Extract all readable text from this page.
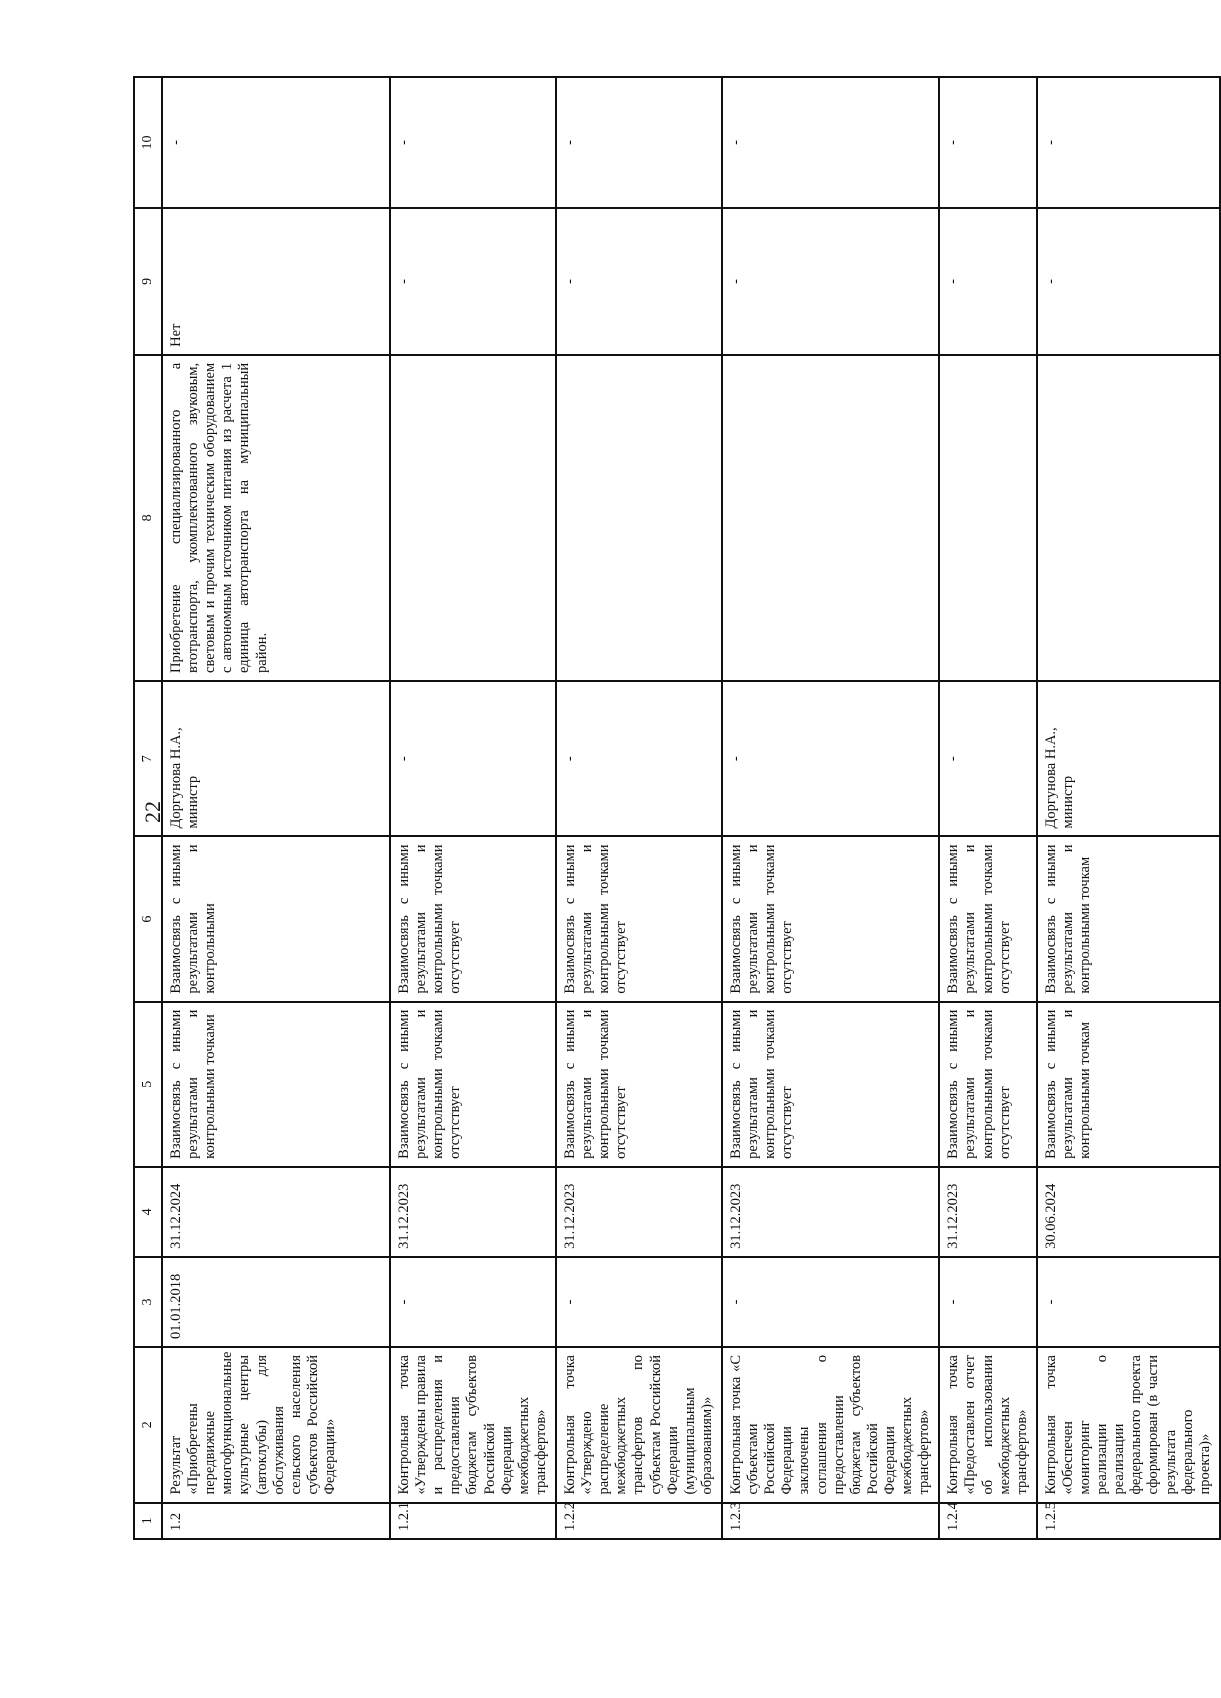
22
1	2	3	4	5	6	7	8	9	10
1.2	Результат «Приобретены передвижные многофункциональные культурные центры (автоклубы) для обслуживания сельского населения субъектов Российской Федерации»	01.01.2018	31.12.2024	Взаимосвязь с иными результатами и контрольными точками	Взаимосвязь с иными результатами и контрольными	Доргунова Н.А., министр	Приобретение специализированного а втотранспорта, укомплектованного звуковым, световым и прочим техническим оборудованием с автономным источником питания из расчета 1 единица автотранспорта на муниципальный район.	Нет	-
1.2.1	Контрольная точка «Утверждены правила и распределения и предоставления бюджетам субъектов Российской Федерации межбюджетных трансфертов»	-	31.12.2023	Взаимосвязь с иными результатами и контрольными точками отсутствует	Взаимосвязь с иными результатами и контрольными точками отсутствует	-		-	-
1.2.2	Контрольная точка «Утверждено распределение межбюджетных трансфертов по субъектам Российской Федерации (муниципальным образованиям)»	-	31.12.2023	Взаимосвязь с иными результатами и контрольными точками отсутствует	Взаимосвязь с иными результатами и контрольными точками отсутствует	-		-	-
1.2.3	Контрольная точка «С субъектами Российской Федерации заключены соглашения о предоставлении бюджетам субъектов Российской Федерации межбюджетных трансфертов»	-	31.12.2023	Взаимосвязь с иными результатами и контрольными точками отсутствует	Взаимосвязь с иными результатами и контрольными точками отсутствует	-		-	-
1.2.4	Контрольная точка «Предоставлен отчет об использовании межбюджетных трансфертов»	-	31.12.2023	Взаимосвязь с иными результатами и контрольными точками отсутствует	Взаимосвязь с иными результатами и контрольными точками отсутствует	-		-	-
1.2.5	Контрольная точка «Обеспечен мониторинг реализации о реализации федерального проекта сформирован (в части результата федерального проекта)»	-	30.06.2024	Взаимосвязь с иными результатами и контрольными точкам	Взаимосвязь с иными результатами и контрольными точкам	Доргунова Н.А., министр		-	-
